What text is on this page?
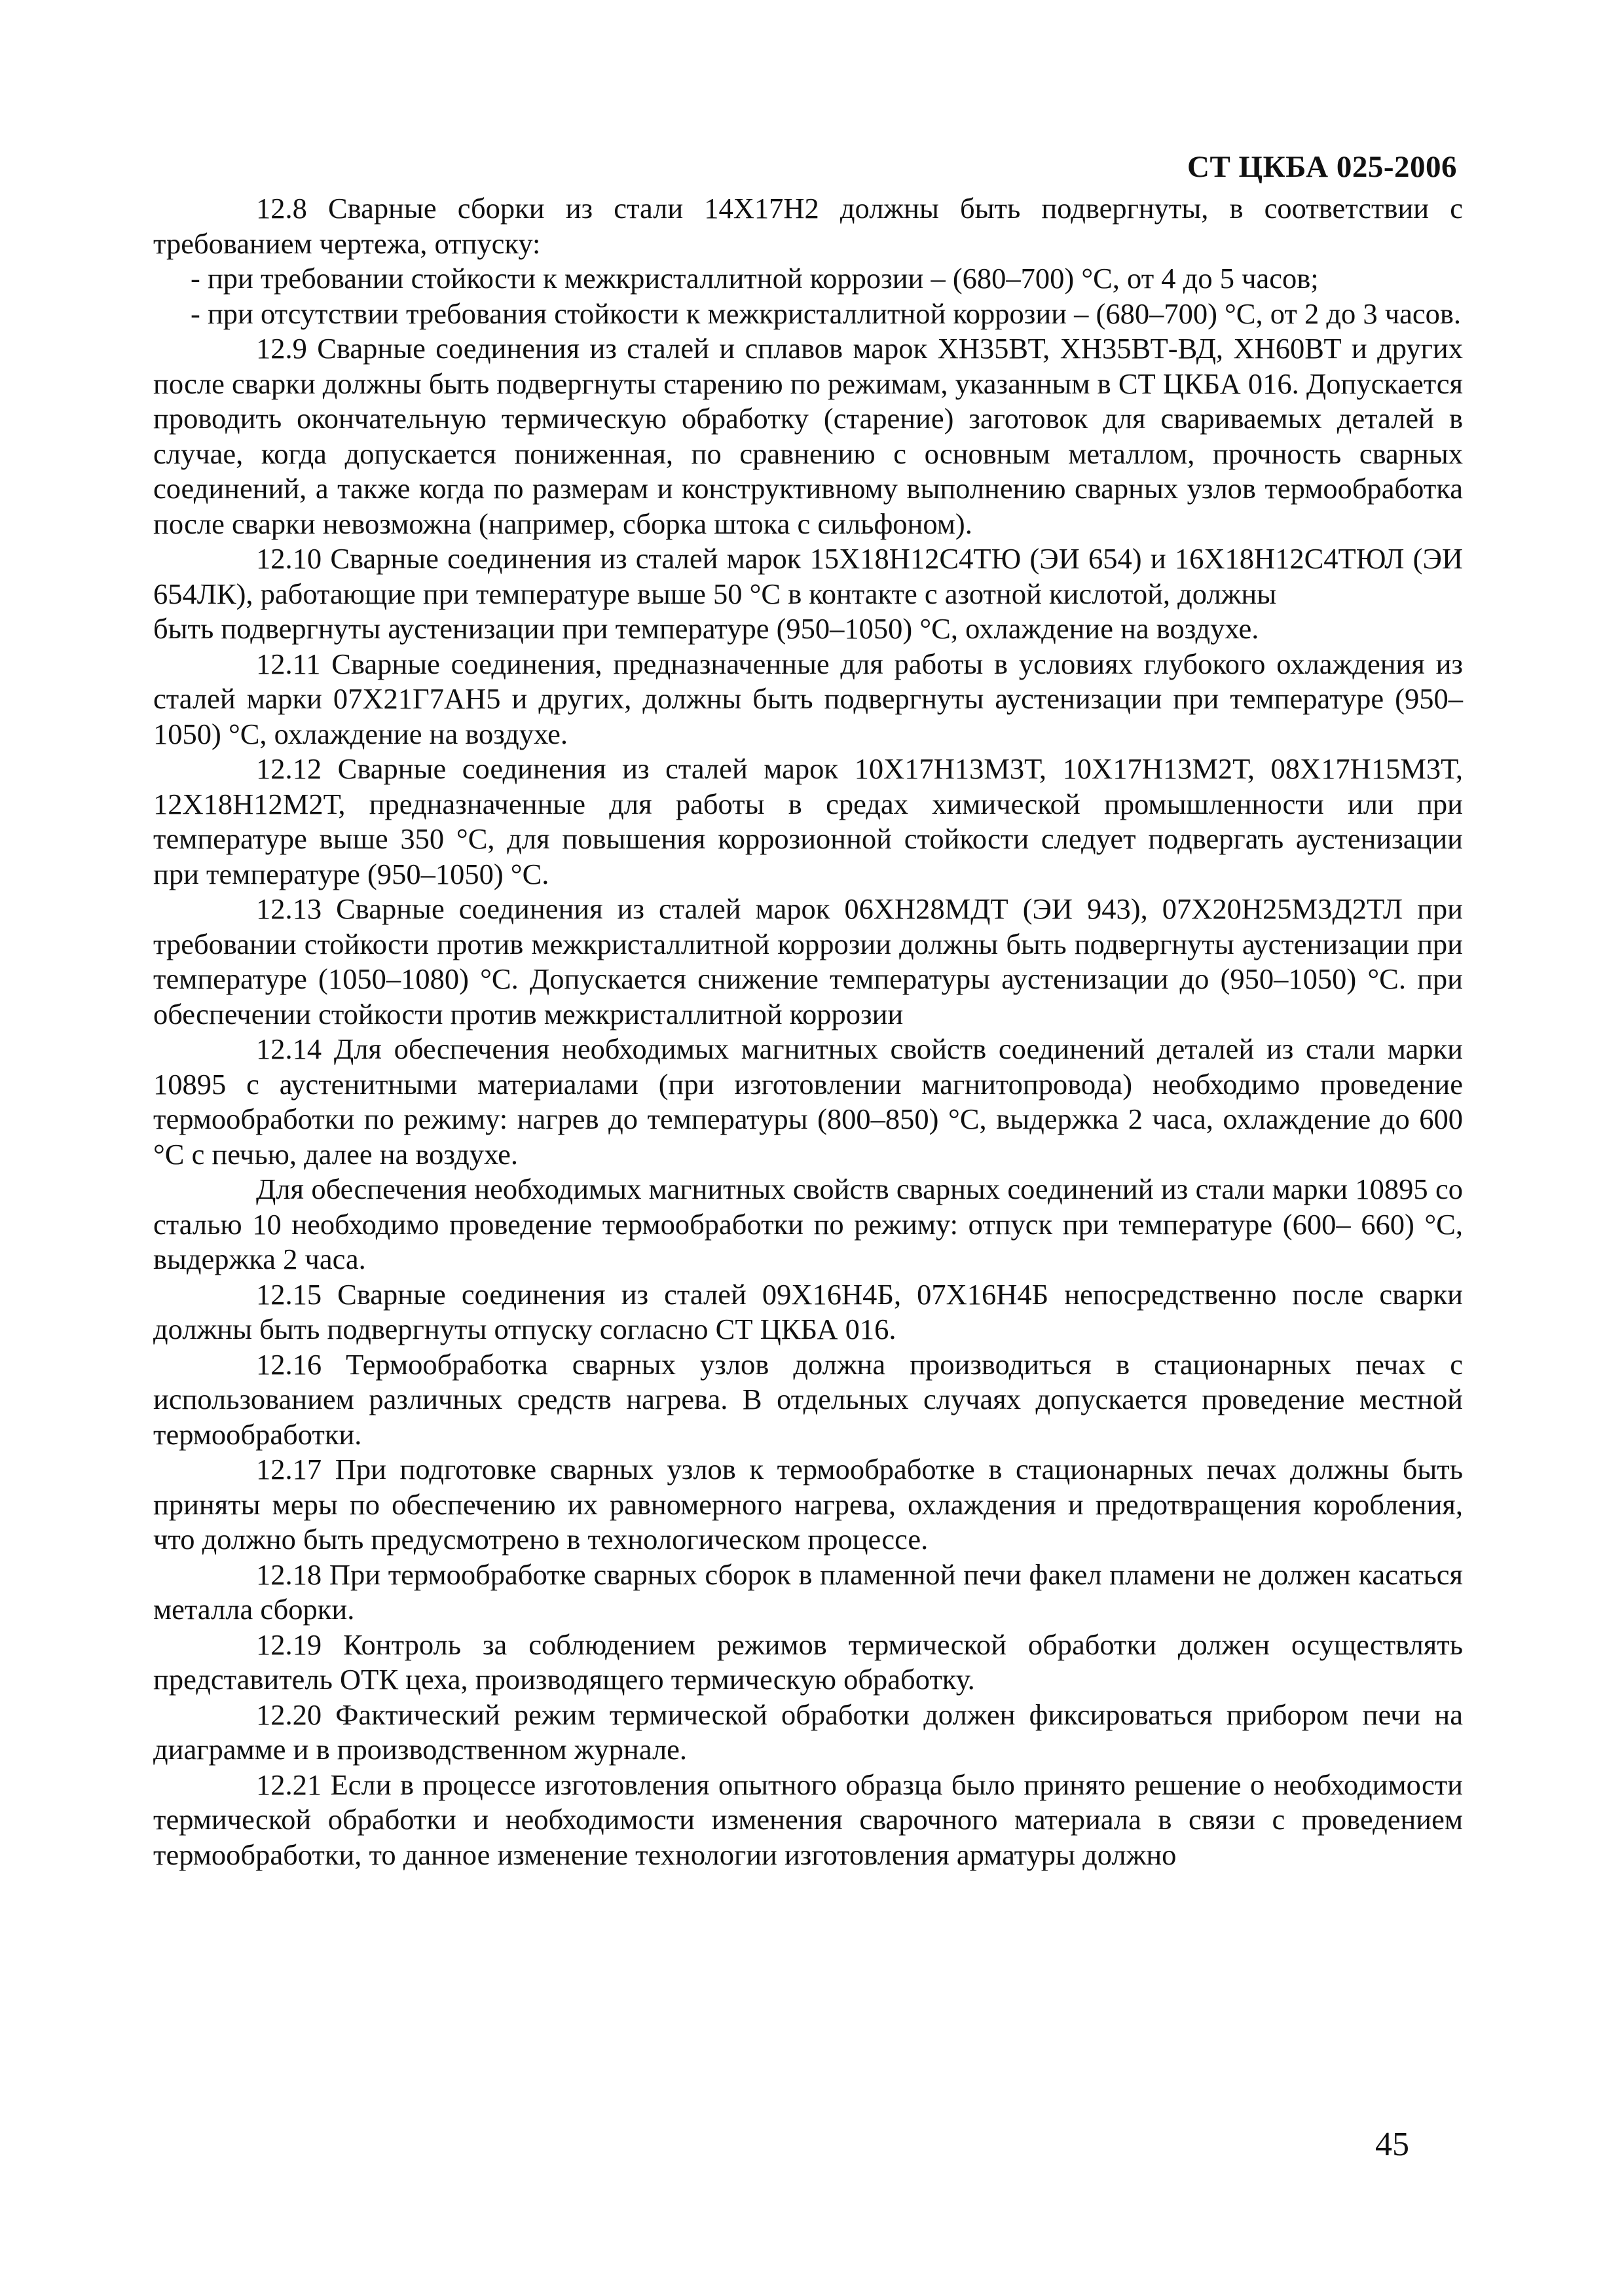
СТ ЦКБА 025-2006

12.8 Сварные сборки из стали 14Х17Н2 должны быть подвергнуты, в соответствии с требованием чертежа, отпуску:

- при требовании стойкости к межкристаллитной коррозии – (680–700) °С, от 4 до 5 часов;

- при отсутствии требования стойкости к межкристаллитной коррозии – (680–700) °С, от 2 до 3 часов.

12.9 Сварные соединения из сталей и сплавов марок ХН35ВТ, ХН35ВТ-ВД, ХН60ВТ и других после сварки должны быть подвергнуты старению по режимам, указанным в СТ ЦКБА 016. Допускается проводить окончательную термическую обработку (старение) заготовок для свариваемых деталей в случае, когда допускается пониженная, по сравнению с основным металлом, прочность сварных соединений, а также когда по размерам и конструктивному выполнению сварных узлов термообработка после сварки невозможна (например, сборка штока с сильфоном).

12.10 Сварные соединения из сталей марок 15Х18Н12С4ТЮ (ЭИ 654) и 16Х18Н12С4ТЮЛ (ЭИ 654ЛК), работающие при температуре выше 50 °С в контакте с азотной кислотой, должны

быть подвергнуты аустенизации при температуре (950–1050) °С, охлаждение на воздухе.

12.11 Сварные соединения, предназначенные для работы в условиях глубокого охлаждения из сталей марки 07Х21Г7АН5 и других, должны быть подвергнуты аустенизации при температуре (950–1050) °С, охлаждение на воздухе.

12.12 Сварные соединения из сталей марок 10Х17Н13М3Т, 10Х17Н13М2Т, 08Х17Н15М3Т, 12Х18Н12М2Т, предназначенные для работы в средах химической промышленности или при температуре выше 350 °С, для повышения коррозионной стойкости следует подвергать аустенизации при температуре (950–1050) °С.

12.13 Сварные соединения из сталей марок 06ХН28МДТ (ЭИ 943), 07Х20Н25М3Д2ТЛ при требовании стойкости против межкристаллитной коррозии должны быть подвергнуты аустенизации при температуре (1050–1080) °С. Допускается снижение температуры аустенизации до (950–1050) °С. при обеспечении стойкости против межкристаллитной коррозии

12.14 Для обеспечения необходимых магнитных свойств соединений деталей из стали марки 10895 с аустенитными материалами (при изготовлении магнитопровода) необходимо проведение термообработки по режиму: нагрев до температуры (800–850) °С, выдержка 2 часа, охлаждение до 600 °С с печью, далее на воздухе.

Для обеспечения необходимых магнитных свойств сварных соединений из стали марки 10895 со сталью 10 необходимо проведение термообработки по режиму: отпуск при температуре (600– 660) °С, выдержка 2 часа.

12.15 Сварные соединения из сталей 09Х16Н4Б, 07Х16Н4Б непосредственно после сварки должны быть подвергнуты отпуску согласно СТ ЦКБА 016.

12.16 Термообработка сварных узлов должна производиться в стационарных печах с использованием различных средств нагрева. В отдельных случаях допускается проведение местной термообработки.

12.17 При подготовке сварных узлов к термообработке в стационарных печах должны быть приняты меры по обеспечению их равномерного нагрева, охлаждения и предотвращения коробления, что должно быть предусмотрено в технологическом процессе.

12.18 При термообработке сварных сборок в пламенной печи факел пламени не должен касаться металла сборки.

12.19 Контроль за соблюдением режимов термической обработки должен осуществлять представитель ОТК цеха, производящего термическую обработку.

12.20 Фактический режим термической обработки должен фиксироваться прибором печи на диаграмме и в производственном журнале.

12.21 Если в процессе изготовления опытного образца было принято решение о необходимости термической обработки и необходимости изменения сварочного материала в связи с проведением термообработки, то данное изменение технологии изготовления арматуры должно

45
